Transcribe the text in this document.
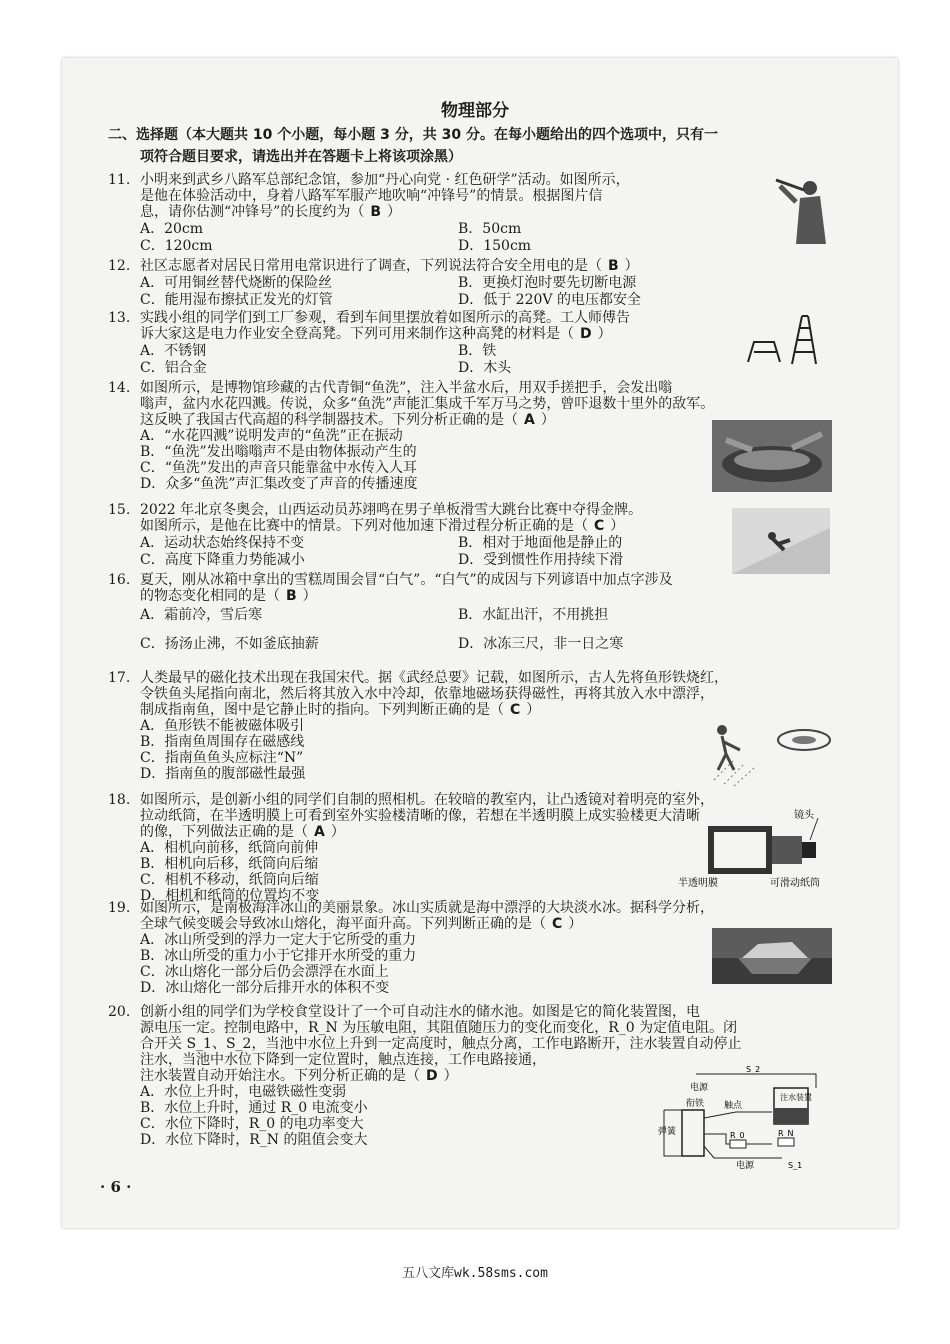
物理部分
二、选择题（本大题共 10 个小题，每小题 3 分，共 30 分。在每小题给出的四个选项中，只有一
项符合题目要求，请选出并在答题卡上将该项涂黑）
11. 小明来到武乡八路军总部纪念馆，参加“丹心向党 · 红色研学”活动。如图所示，
是他在体验活动中，身着八路军军服产地吹响“冲锋号”的情景。根据图片信
息，请你估测“冲锋号”的长度约为（ B ）
A．20cm	B．50cm
C．120cm	D．150cm
12. 社区志愿者对居民日常用电常识进行了调查，下列说法符合安全用电的是（ B ）
A．可用铜丝替代烧断的保险丝	B．更换灯泡时要先切断电源
C．能用湿布擦拭正发光的灯管	D．低于 220V 的电压都安全
13. 实践小组的同学们到工厂参观，看到车间里摆放着如图所示的高凳。工人师傅告
诉大家这是电力作业安全登高凳。下列可用来制作这种高凳的材料是（ D ）
A．不锈钢	B．铁
C．铝合金	D．木头
14. 如图所示，是博物馆珍藏的古代青铜“鱼洗”，注入半盆水后，用双手搓把手，会发出嗡
嗡声，盆内水花四溅。传说，众多“鱼洗”声能汇集成千军万马之势，曾吓退数十里外的敌军。
这反映了我国古代高超的科学制器技术。下列分析正确的是（ A ）
A．“水花四溅”说明发声的“鱼洗”正在振动
B．“鱼洗”发出嗡嗡声不是由物体振动产生的
C．“鱼洗”发出的声音只能靠盆中水传入人耳
D．众多“鱼洗”声汇集改变了声音的传播速度
15. 2022 年北京冬奥会，山西运动员苏翊鸣在男子单板滑雪大跳台比赛中夺得金牌。
如图所示，是他在比赛中的情景。下列对他加速下滑过程分析正确的是（ C ）
A．运动状态始终保持不变	B．相对于地面他是静止的
C．高度下降重力势能减小	D．受到惯性作用持续下滑
16. 夏天，刚从冰箱中拿出的雪糕周围会冒“白气”。“白气”的成因与下列谚语中加点字涉及
的物态变化相同的是（ B ）
A．霜前冷，雪后寒	B．水缸出汗，不用挑担
C．扬汤止沸，不如釜底抽薪	D．冰冻三尺，非一日之寒
17. 人类最早的磁化技术出现在我国宋代。据《武经总要》记载，如图所示，古人先将鱼形铁烧红，
令铁鱼头尾指向南北，然后将其放入水中冷却，依靠地磁场获得磁性，再将其放入水中漂浮，
制成指南鱼，图中是它静止时的指向。下列判断正确的是（ C ）
A．鱼形铁不能被磁体吸引
B．指南鱼周围存在磁感线
C．指南鱼鱼头应标注“N”
D．指南鱼的腹部磁性最强
18. 如图所示，是创新小组的同学们自制的照相机。在较暗的教室内，让凸透镜对着明亮的室外，
拉动纸筒，在半透明膜上可看到室外实验楼清晰的像，若想在半透明膜上成实验楼更大清晰
的像，下列做法正确的是（ A ）
A．相机向前移，纸筒向前伸
B．相机向后移，纸筒向后缩
C．相机不移动，纸筒向后缩
D．相机和纸筒的位置均不变
19. 如图所示，是南极海洋冰山的美丽景象。冰山实质就是海中漂浮的大块淡水冰。据科学分析，
全球气候变暖会导致冰山熔化，海平面升高。下列判断正确的是（ C ）
A．冰山所受到的浮力一定大于它所受的重力
B．冰山所受的重力小于它排开水所受的重力
C．冰山熔化一部分后仍会漂浮在水面上
D．冰山熔化一部分后排开水的体积不变
20. 创新小组的同学们为学校食堂设计了一个可自动注水的储水池。如图是它的简化装置图，电
源电压一定。控制电路中，R_N 为压敏电阻，其阻值随压力的变化而变化，R_0 为定值电阻。闭
合开关 S_1、S_2，当池中水位上升到一定高度时，触点分离，工作电路断开，注水装置自动停止
注水，当池中水位下降到一定位置时，触点连接，工作电路接通，
注水装置自动开始注水。下列分析正确的是（ D ）
A．水位上升时，电磁铁磁性变弱
B．水位上升时，通过 R_0 电流变小
C．水位下降时，R_0 的电功率变大
D．水位下降时，R_N 的阻值会变大
镜头
半透明膜	可滑动纸筒
电源
注水装置
衔铁 触点
弹簧	R_0	R_N
电源	S_1
S_2
· 6 ·
五八文库wk.58sms.com
